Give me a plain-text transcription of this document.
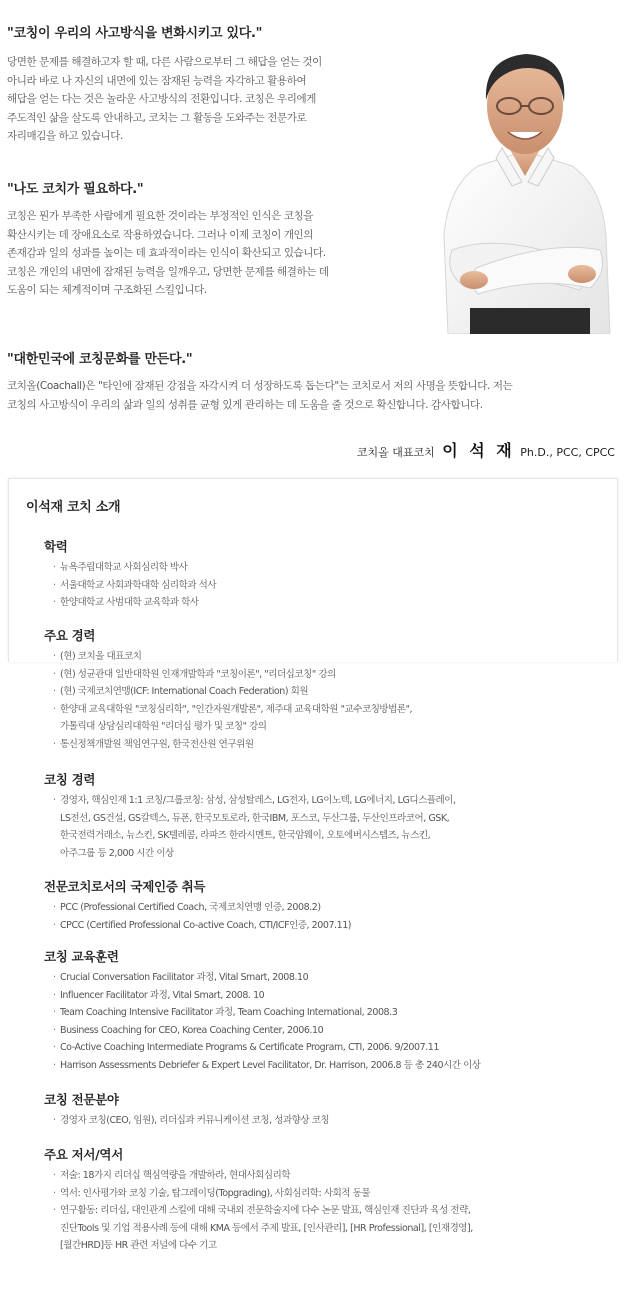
"코칭이 우리의 사고방식을 변화시키고 있다."
당면한 문제를 해결하고자 할 때, 다른 사람으로부터 그 해답을 얻는 것이
아니라 바로 나 자신의 내면에 있는 잠재된 능력을 자각하고 활용하여
해답을 얻는 다는 것은 놀라운 사고방식의 전환입니다. 코칭은 우리에게
주도적인 삶을 살도록 안내하고, 코치는 그 활동을 도와주는 전문가로
자리매김을 하고 있습니다.
"나도 코치가 필요하다."
코칭은 뭔가 부족한 사람에게 필요한 것이라는 부정적인 인식은 코칭을
확산시키는 데 장애요소로 작용하였습니다. 그러나 이제 코칭이 개인의
존재감과 일의 성과를 높이는 데 효과적이라는 인식이 확산되고 있습니다.
코칭은 개인의 내면에 잠재된 능력을 일깨우고, 당면한 문제를 해결하는 데
도움이 되는 체계적이며 구조화된 스킬입니다.
"대한민국에 코칭문화를 만든다."
코치올(Coachall)은 "타인에 잠재된 강점을 자각시켜 더 성장하도록 돕는다"는 코치로서 저의 사명을 뜻합니다. 저는
코칭의 사고방식이 우리의 삶과 일의 성취를 균형 있게 관리하는 데 도움을 줄 것으로 확신합니다. 감사합니다.
코치올 대표코치 이 석 재 Ph.D., PCC, CPCC
이석재 코치 소개
학력
· 뉴욕주립대학교 사회심리학 박사
· 서울대학교 사회과학대학 심리학과 석사
· 한양대학교 사범대학 교육학과 학사
주요 경력
· (현) 코치올 대표코치
· (현) 성균관대 일반대학원 인재개발학과 "코칭이론", "리더십코칭" 강의
· (현) 국제코치연맹(ICF: International Coach Federation) 회원
· 한양대 교육대학원 "코칭심리학", "인간자원개발론", 제주대 교육대학원 "교수코칭방법론",
가톨릭대 상담심리대학원 "리더십 평가 및 코칭" 강의
· 통신정책개발원 책임연구원, 한국전산원 연구위원
코칭 경력
· 경영자, 핵심인재 1:1 코칭/그룹코칭: 삼성, 삼성탈레스, LG전자, LG이노텍, LG에너지, LG디스플레이,
LS전선, GS건설, GS칼텍스, 듀폰, 한국모토로라, 한국IBM, 포스코, 두산그룹, 두산인프라코어, GSK,
한국전력거래소, 뉴스킨, SK텔레콤, 라파즈 한라시멘트, 한국암웨이, 오토에버시스템즈, 뉴스킨,
아주그룹 등 2,000 시간 이상
전문코치로서의 국제인증 취득
· PCC (Professional Certified Coach, 국제코치연맹 인증, 2008.2)
· CPCC (Certified Professional Co-active Coach, CTI/ICF인증, 2007.11)
코칭 교육훈련
· Crucial Conversation Facilitator 과정, Vital Smart, 2008.10
· Influencer Facilitator 과정, Vital Smart, 2008. 10
· Team Coaching Intensive Facilitator 과정, Team Coaching International, 2008.3
· Business Coaching for CEO, Korea Coaching Center, 2006.10
· Co-Active Coaching Intermediate Programs & Certificate Program, CTI, 2006. 9/2007.11
· Harrison Assessments Debriefer & Expert Level Facilitator, Dr. Harrison, 2006.8 등 총 240시간 이상
코칭 전문분야
· 경영자 코칭(CEO, 임원), 리더십과 커뮤니케이션 코칭, 성과향상 코칭
주요 저서/역서
· 저술: 18가지 리더십 핵심역량을 개발하라, 현대사회심리학
· 역서: 인사평가와 코칭 기술, 탑그레이딩(Topgrading), 사회심리학: 사회적 동물
· 연구활동: 리더십, 대인관계 스킬에 대해 국내외 전문학술지에 다수 논문 발표, 핵심인재 진단과 육성 전략,
진단Tools 및 기업 적용사례 등에 대해 KMA 등에서 주제 발표, [인사관리], [HR Professional], [인재경영],
[월간HRD]등 HR 관련 저널에 다수 기고
